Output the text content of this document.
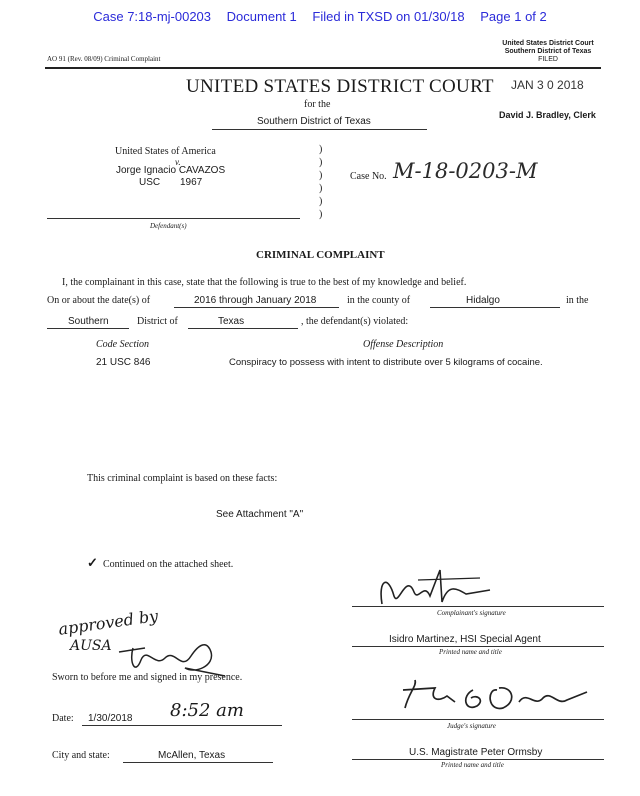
Case 7:18-mj-00203 Document 1 Filed in TXSD on 01/30/18 Page 1 of 2
AO 91 (Rev. 08/09) Criminal Complaint
United States District Court
Southern District of Texas
FILED
JAN 3 0 2018
David J. Bradley, Clerk
UNITED STATES DISTRICT COURT
for the
Southern District of Texas
United States of America
v.
Jorge Ignacio CAVAZOS
USC 1967
Defendant(s)
)
)
)
)
)
)
Case No. M-18-0203-M
CRIMINAL COMPLAINT
I, the complainant in this case, state that the following is true to the best of my knowledge and belief.
On or about the date(s) of	2016 through January 2018	in the county of	Hidalgo	in the
Southern	District of	Texas	, the defendant(s) violated:
Code Section	Offense Description
21 USC 846	Conspiracy to possess with intent to distribute over 5 kilograms of cocaine.
This criminal complaint is based on these facts:
See Attachment "A"
✓ Continued on the attached sheet.
Complainant's signature
Isidro Martinez, HSI Special Agent
Printed name and title
approved by
AUSA
Sworn to before me and signed in my presence.
Judge's signature
Date: 1/30/2018 8:52 am
City and state:	McAllen, Texas	U.S. Magistrate Peter Ormsby
Printed name and title
